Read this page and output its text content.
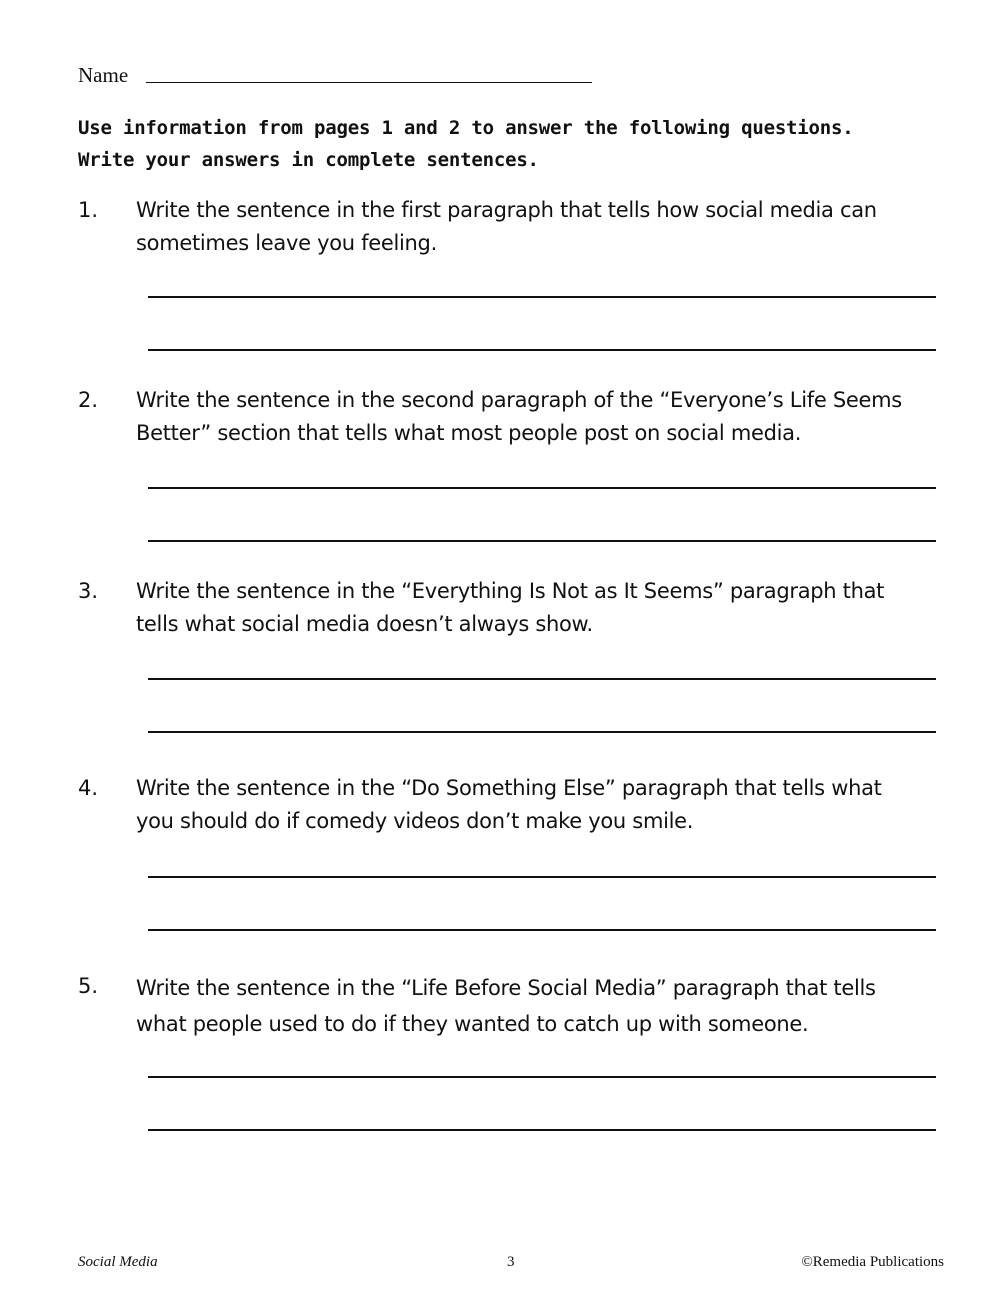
Name
Use information from pages 1 and 2 to answer the following questions.
Write your answers in complete sentences.
1. Write the sentence in the first paragraph that tells how social media can
sometimes leave you feeling.
2. Write the sentence in the second paragraph of the “Everyone’s Life Seems
Better” section that tells what most people post on social media.
3. Write the sentence in the “Everything Is Not as It Seems” paragraph that
tells what social media doesn’t always show.
4. Write the sentence in the “Do Something Else” paragraph that tells what
you should do if comedy videos don’t make you smile.
5. Write the sentence in the “Life Before Social Media” paragraph that tells
what people used to do if they wanted to catch up with someone.
Social Media	3	©Remedia Publications
